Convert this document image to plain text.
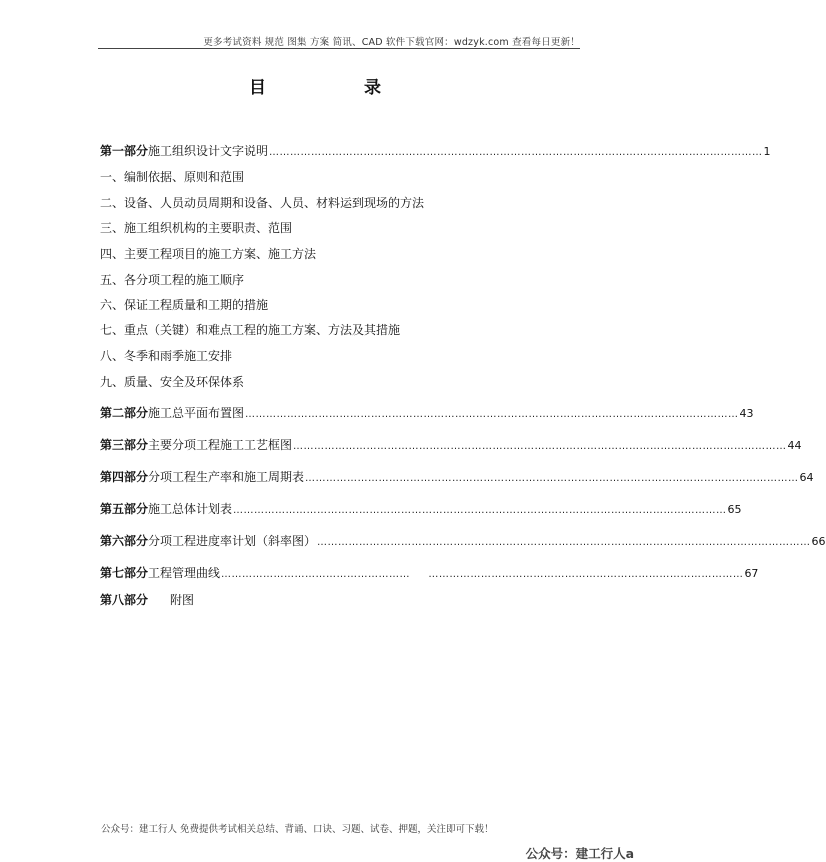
更多考试资料 规范 图集 方案 简讯、CAD 软件下载官网：wdzyk.com 查看每日更新！
目 录
第一部分 施工组织设计文字说明 …………………………………………………………………………………………………………………………… 1
一、编制依据、原则和范围
二、设备、人员动员周期和设备、人员、材料运到现场的方法
三、施工组织机构的主要职责、范围
四、主要工程项目的施工方案、施工方法
五、各分项工程的施工顺序
六、保证工程质量和工期的措施
七、重点（关键）和难点工程的施工方案、方法及其措施
八、冬季和雨季施工安排
九、质量、安全及环保体系
第二部分 施工总平面布置图 …………………………………………………………………………………………………………………………… 43
第三部分 主要分项工程施工工艺框图 …………………………………………………………………………………………………………………………… 44
第四部分 分项工程生产率和施工周期表 …………………………………………………………………………………………………………………………… 64
第五部分 施工总体计划表 …………………………………………………………………………………………………………………………… 65
第六部分 分项工程进度率计划（斜率图） …………………………………………………………………………………………………………………………… 66
第七部分 工程管理曲线 ………………………………………………     ……………………………………………………………………………… 67
第八部分 附图
公众号：建工行人 免费提供考试相关总结、背诵、口诀、习题、试卷、押题，关注即可下载！
公众号：建工行人a
